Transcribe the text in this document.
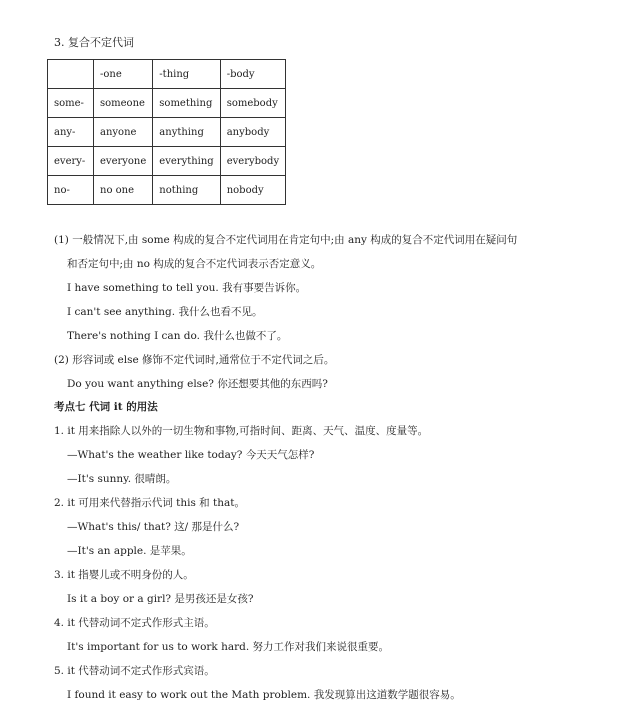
3. 复合不定代词
	-one	-thing	-body
some-	someone	something	somebody
any-	anyone	anything	anybody
every-	everyone	everything	everybody
no-	no one	nothing	nobody
(1) 一般情况下,由 some 构成的复合不定代词用在肯定句中;由 any 构成的复合不定代词用在疑问句
和否定句中;由 no 构成的复合不定代词表示否定意义。
I have something to tell you. 我有事要告诉你。
I can't see anything. 我什么也看不见。
There's nothing I can do. 我什么也做不了。
(2) 形容词或 else 修饰不定代词时,通常位于不定代词之后。
Do you want anything else? 你还想要其他的东西吗?
考点七 代词 it 的用法
1. it 用来指除人以外的一切生物和事物,可指时间、距离、天气、温度、度量等。
—What's the weather like today? 今天天气怎样?
—It's sunny. 很晴朗。
2. it 可用来代替指示代词 this 和 that。
—What's this/ that? 这/ 那是什么?
—It's an apple. 是苹果。
3. it 指婴儿或不明身份的人。
Is it a boy or a girl? 是男孩还是女孩?
4. it 代替动词不定式作形式主语。
It's important for us to work hard. 努力工作对我们来说很重要。
5. it 代替动词不定式作形式宾语。
I found it easy to work out the Math problem. 我发现算出这道数学题很容易。
